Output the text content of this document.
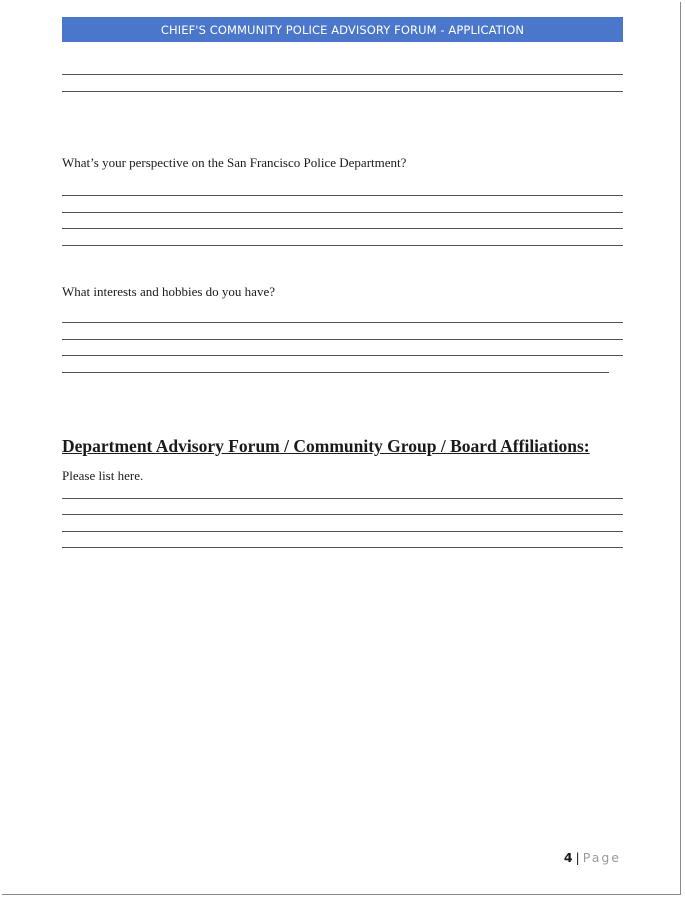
CHIEF'S COMMUNITY POLICE ADVISORY FORUM - APPLICATION
What’s your perspective on the San Francisco Police Department?
What interests and hobbies do you have?
Department Advisory Forum / Community Group / Board Affiliations:
Please list here.
4 | Page
